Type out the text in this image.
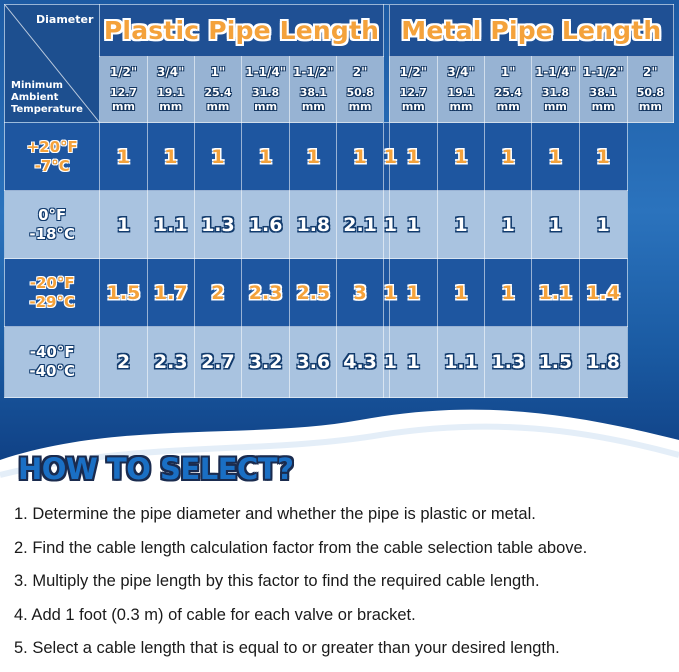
Diameter
Minimum
Ambient
Temperature	Plastic Pipe Length							Metal Pipe Length					

	1/2"
12.7
mm	3/4"
19.1
mm	1"
25.4
mm	1-1/4"
31.8
mm	1-1/2"
38.1
mm	2"
50.8
mm		1/2"
12.7
mm	3/4"
19.1
mm	1"
25.4
mm	1-1/4"
31.8
mm	1-1/2"
38.1
mm	2"
50.8
mm

+20°F
-7°C	1	1	1	1	1	1	1	1	1	1	1	1	

0°F
-18°C	1	1.1	1.3	1.6	1.8	2.1	1	1	1	1	1	1	

-20°F
-29°C	1.5	1.7	2	2.3	2.5	3	1	1	1	1	1.1	1.4	

-40°F
-40°C	2	2.3	2.7	3.2	3.6	4.3	1	1	1.1	1.3	1.5	1.8	
HOW TO SELECT?
1. Determine the pipe diameter and whether the pipe is plastic or metal.
2. Find the cable length calculation factor from the cable selection table above.
3. Multiply the pipe length by this factor to find the required cable length.
4. Add 1 foot (0.3 m) of cable for each valve or bracket.
5. Select a cable length that is equal to or greater than your desired length.
